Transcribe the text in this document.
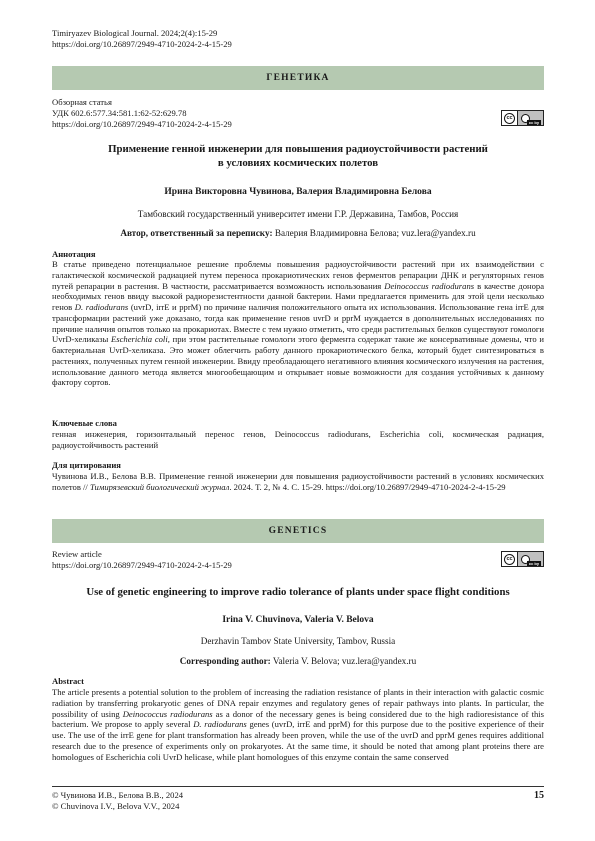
Timiryazev Biological Journal. 2024;2(4):15-29
https://doi.org/10.26897/2949-4710-2024-2-4-15-29
ГЕНЕТИКА
Обзорная статья
УДК 602.6:577.34:581.1:62-52:629.78
https://doi.org/10.26897/2949-4710-2024-2-4-15-29
cc
cc by
Применение генной инженерии для повышения радиоустойчивости растений
в условиях космических полетов
Ирина Викторовна Чувинова, Валерия Владимировна Белова
Тамбовский государственный университет имени Г.Р. Державина, Тамбов, Россия
Автор, ответственный за переписку: Валерия Владимировна Белова; vuz.lera@yandex.ru
Аннотация
В статье приведено потенциальное решение проблемы повышения радиоустойчивости растений при их взаимодействии с галактической космической радиацией путем переноса прокариотических генов ферментов репарации ДНК и регуляторных генов путей репарации в растения. В частности, рассматривается возможность использования Deinococcus radiodurans в качестве донора необходимых генов ввиду высокой радиорезистентности данной бактерии. Нами предлагается применить для этой цели несколько генов D. radiodurans (uvrD, irrE и pprM) по причине наличия положительного опыта их использования. Использование гена irrE для трансформации растений уже доказано, тогда как применение генов uvrD и pprM нуждается в дополнительных исследованиях по причине наличия опытов только на прокариотах. Вместе с тем нужно отметить, что среди растительных белков существуют гомологи UvrD-хеликазы Escherichia coli, при этом растительные гомологи этого фермента содержат такие же консервативные домены, что и бактериальная UvrD-хеликаза. Это может облегчить работу данного прокариотического белка, который будет синтезироваться в растениях, полученных путем генной инженерии. Ввиду преобладающего негативного влияния космического излучения на растения, использование данного метода является многообещающим и открывает новые возможности для создания устойчивых к данному фактору сортов.
Ключевые слова
генная инженерия, горизонтальный перенос генов, Deinococcus radiodurans, Escherichia coli, космическая радиация, радиоустойчивость растений
Для цитирования
Чувинова И.В., Белова В.В. Применение генной инженерии для повышения радиоустойчивости растений в условиях космических полетов // Тимирязевский биологический журнал. 2024. Т. 2, № 4. С. 15-29. https://doi.org/10.26897/2949-4710-2024-2-4-15-29
GENETICS
Review article
https://doi.org/10.26897/2949-4710-2024-2-4-15-29
cc
cc by
Use of genetic engineering to improve radio tolerance of plants under space flight conditions
Irina V. Chuvinova, Valeria V. Belova
Derzhavin Tambov State University, Tambov, Russia
Corresponding author: Valeria V. Belova; vuz.lera@yandex.ru
Abstract
The article presents a potential solution to the problem of increasing the radiation resistance of plants in their interaction with galactic cosmic radiation by transferring prokaryotic genes of DNA repair enzymes and regulatory genes of repair pathways into plants. In particular, the possibility of using Deinococcus radiodurans as a donor of the necessary genes is being considered due to the high radioresistance of this bacterium. We propose to apply several D. radiodurans genes (uvrD, irrE and pprM) for this purpose due to the positive experience of their use. The use of the irrE gene for plant transformation has already been proven, while the use of the uvrD and pprM genes requires additional research due to the presence of experiments only on prokaryotes. At the same time, it should be noted that among plant proteins there are homologues of Escherichia coli UvrD helicase, while plant homologues of this enzyme contain the same conserved
© Чувинова И.В., Белова В.В., 2024
© Chuvinova I.V., Belova V.V., 2024
15
